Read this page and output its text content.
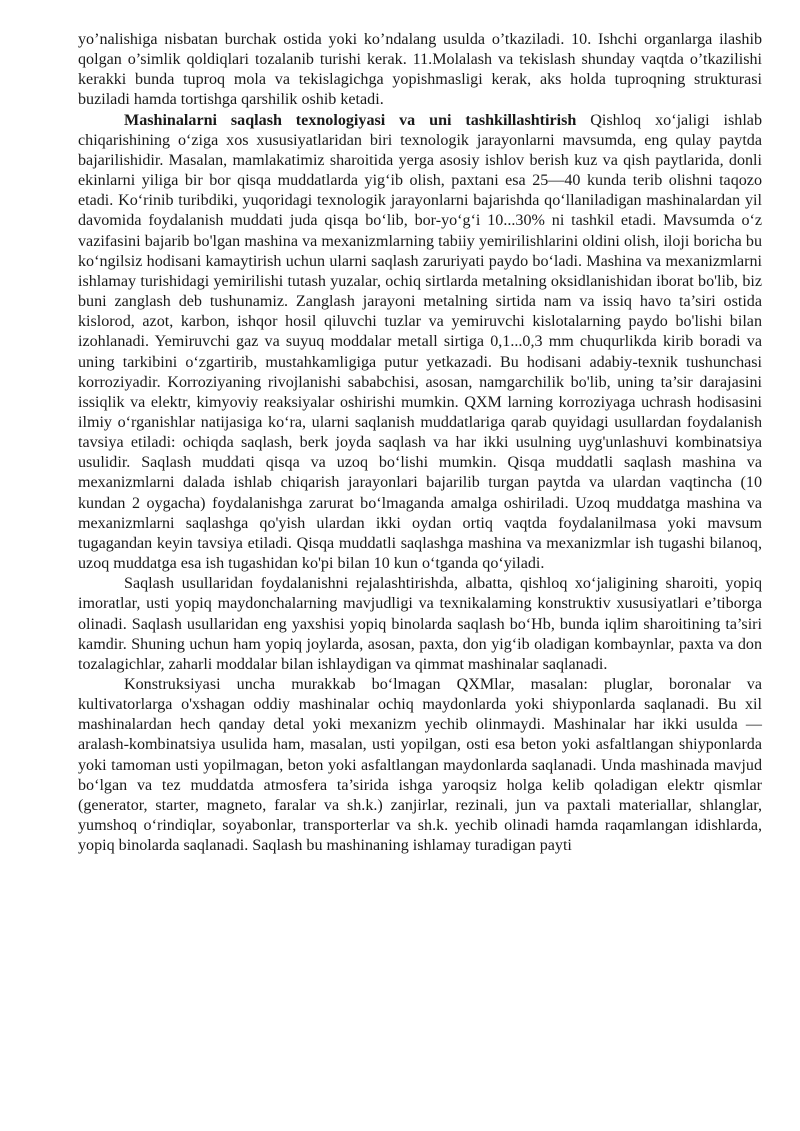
yo’nalishiga nisbatan burchak ostida yoki ko’ndalang usulda o’tkaziladi. 10. Ishchi organlarga ilashib qolgan o’simlik qoldiqlari tozalanib turishi kerak. 11.Molalash va tekislash shunday vaqtda o’tkazilishi kerakki bunda tuproq mola va tekislagichga yopishmasligi kerak, aks holda tuproqning strukturasi buziladi hamda tortishga qarshilik oshib ketadi.

Mashinalarni saqlash texnologiyasi va uni tashkillashtirish Qishloq xo‘jaligi ishlab chiqarishining o‘ziga xos xususiyatlaridan biri texnologik jarayonlarni mavsumda, eng qulay paytda bajarilishidir. Masalan, mamlakatimiz sharoitida yerga asosiy ishlov berish kuz va qish paytlarida, donli ekinlarni yiliga bir bor qisqa muddatlarda yig‘ib olish, paxtani esa 25—40 kunda terib olishni taqozo etadi. Ko‘rinib turibdiki, yuqoridagi texnologik jarayonlarni bajarishda qo‘llaniladigan mashinalardan yil davomida foydalanish muddati juda qisqa bo‘lib, bor-yo‘g‘i 10...30% ni tashkil etadi. Mavsumda o‘z vazifasini bajarib bo'lgan mashina va mexanizmlarning tabiiy yemirilishlarini oldini olish, iloji boricha bu ko‘ngilsiz hodisani kamaytirish uchun ularni saqlash zaruriyati paydo bo‘ladi. Mashina va mexanizmlarni ishlamay turishidagi yemirilishi tutash yuzalar, ochiq sirtlarda metalning oksidlanishidan iborat bo'lib, biz buni zanglash deb tushunamiz. Zanglash jarayoni metalning sirtida nam va issiq havo ta’siri ostida kislorod, azot, karbon, ishqor hosil qiluvchi tuzlar va yemiruvchi kislotalarning paydo bo'lishi bilan izohlanadi. Yemiruvchi gaz va suyuq moddalar metall sirtiga 0,1...0,3 mm chuqurlikda kirib boradi va uning tarkibini o‘zgartirib, mustahkamligiga putur yetkazadi. Bu hodisani adabiy-texnik tushunchasi korroziyadir. Korroziyaning rivojlanishi sababchisi, asosan, namgarchilik bo'lib, uning ta’sir darajasini issiqlik va elektr, kimyoviy reaksiyalar oshirishi mumkin. QXM larning korroziyaga uchrash hodisasini ilmiy o‘rganishlar natijasiga ko‘ra, ularni saqlanish muddatlariga qarab quyidagi usullardan foydalanish tavsiya etiladi: ochiqda saqlash, berk joyda saqlash va har ikki usulning uyg'unlashuvi kombinatsiya usulidir. Saqlash muddati qisqa va uzoq bo‘lishi mumkin. Qisqa muddatli saqlash mashina va mexanizmlarni dalada ishlab chiqarish jarayonlari bajarilib turgan paytda va ulardan vaqtincha (10 kundan 2 oygacha) foydalanishga zarurat bo‘lmaganda amalga oshiriladi. Uzoq muddatga mashina va mexanizmlarni saqlashga qo'yish ulardan ikki oydan ortiq vaqtda foydalanilmasa yoki mavsum tugagandan keyin tavsiya etiladi. Qisqa muddatli saqlashga mashina va mexanizmlar ish tugashi bilanoq, uzoq muddatga esa ish tugashidan ko'pi bilan 10 kun o‘tganda qo‘yiladi.

Saqlash usullaridan foydalanishni rejalashtirishda, albatta, qishloq xo‘jaligining sharoiti, yopiq imoratlar, usti yopiq maydonchalarning mavjudligi va texnikalaming konstruktiv xususiyatlari e’tiborga olinadi. Saqlash usullaridan eng yaxshisi yopiq binolarda saqlash bo‘Hb, bunda iqlim sharoitining ta’siri kamdir. Shuning uchun ham yopiq joylarda, asosan, paxta, don yig‘ib oladigan kombaynlar, paxta va don tozalagichlar, zaharli moddalar bilan ishlaydigan va qimmat mashinalar saqlanadi.

Konstruksiyasi uncha murakkab bo‘lmagan QXMlar, masalan: pluglar, boronalar va kultivatorlarga o'xshagan oddiy mashinalar ochiq maydonlarda yoki shiyponlarda saqlanadi. Bu xil mashinalardan hech qanday detal yoki mexanizm yechib olinmaydi. Mashinalar har ikki usulda — aralash-kombinatsiya usulida ham, masalan, usti yopilgan, osti esa beton yoki asfaltlangan shiyponlarda yoki tamoman usti yopilmagan, beton yoki asfaltlangan maydonlarda saqlanadi. Unda mashinada mavjud bo‘lgan va tez muddatda atmosfera ta’sirida ishga yaroqsiz holga kelib qoladigan elektr qismlar (generator, starter, magneto, faralar va sh.k.) zanjirlar, rezinali, jun va paxtali materiallar, shlanglar, yumshoq o‘rindiqlar, soyabonlar, transporterlar va sh.k. yechib olinadi hamda raqamlangan idishlarda, yopiq binolarda saqlanadi. Saqlash bu mashinaning ishlamay turadigan payti
